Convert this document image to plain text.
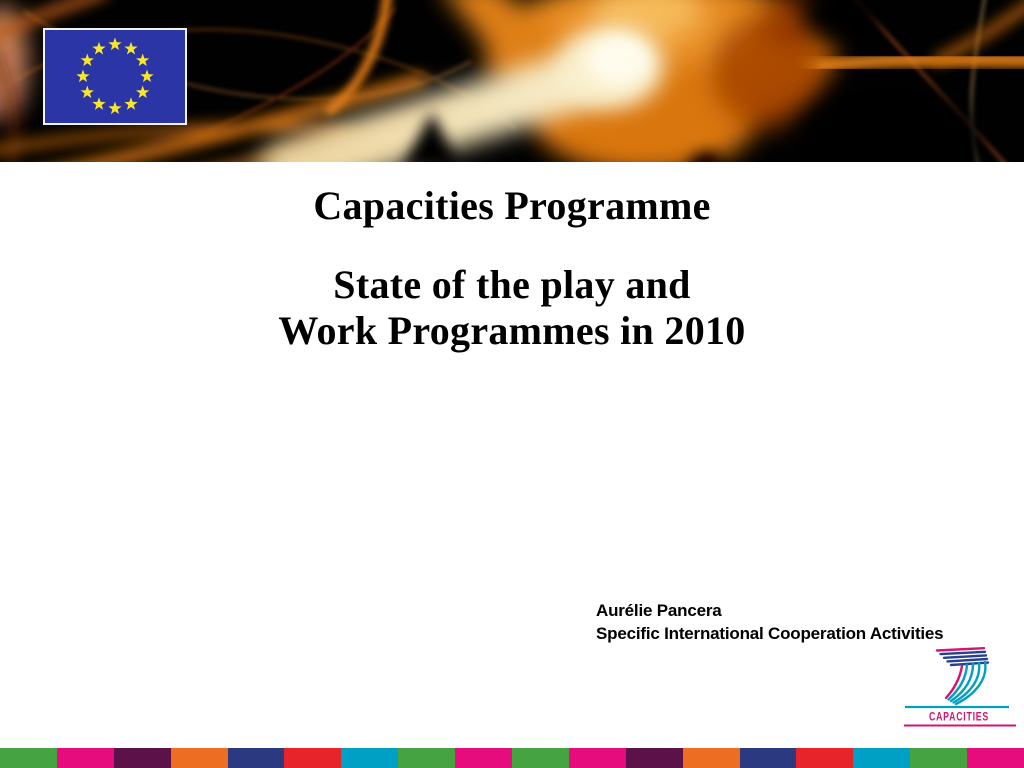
Capacities Programme
State of the play and
Work Programmes in 2010
Aurélie Pancera
Specific International Cooperation Activities
CAPACITIES
